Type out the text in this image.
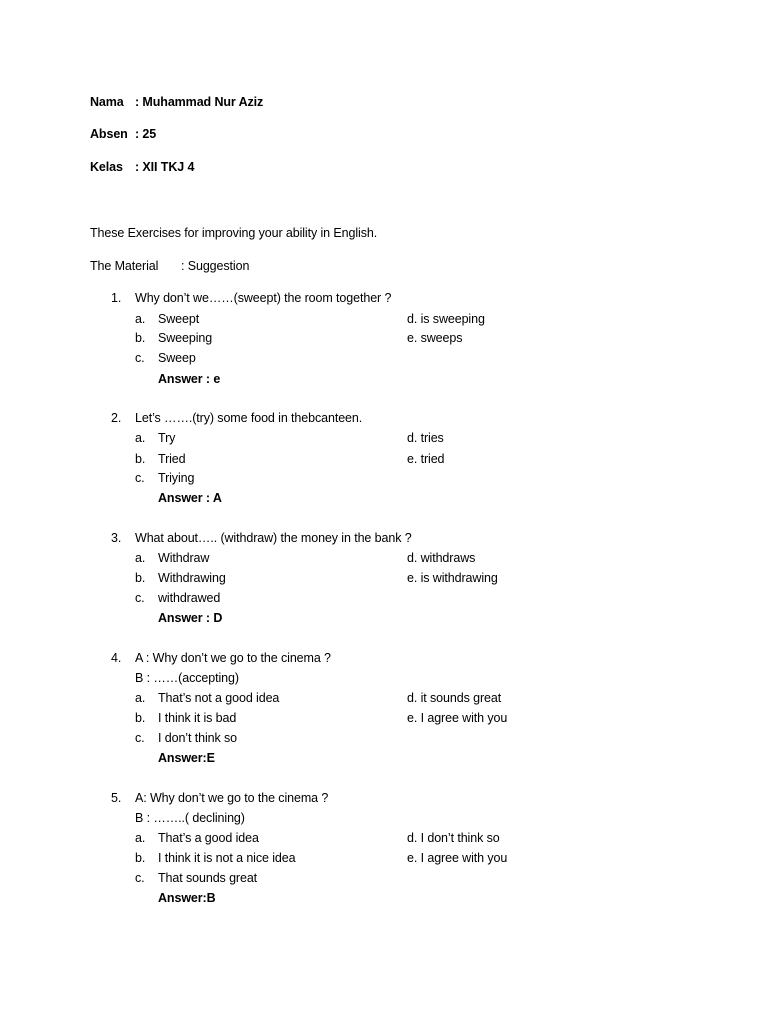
Nama : Muhammad Nur Aziz
Absen : 25
Kelas : XII TKJ 4
These Exercises for improving your ability in English.
The Material : Suggestion
1. Why don’t we……(sweept) the room together ?
a. Sweept	d. is sweeping
b. Sweeping	e. sweeps
c. Sweep
Answer : e
2. Let’s …….(try) some food in thebcanteen.
a. Try	d. tries
b. Tried	e. tried
c. Triying
Answer : A
3. What about….. (withdraw) the money in the bank ?
a. Withdraw	d. withdraws
b. Withdrawing	e. is withdrawing
c. withdrawed
Answer : D
4. A : Why don’t we go to the cinema ?
B : ……(accepting)
a. That’s not a good idea	d. it sounds great
b. I think it is bad	e. I agree with you
c. I don’t think so
Answer:E
5. A: Why don’t we go to the cinema ?
B : ……..( declining)
a. That’s a good idea	d. I don’t think so
b. I think it is not a nice idea	e. I agree with you
c. That sounds great
Answer:B
